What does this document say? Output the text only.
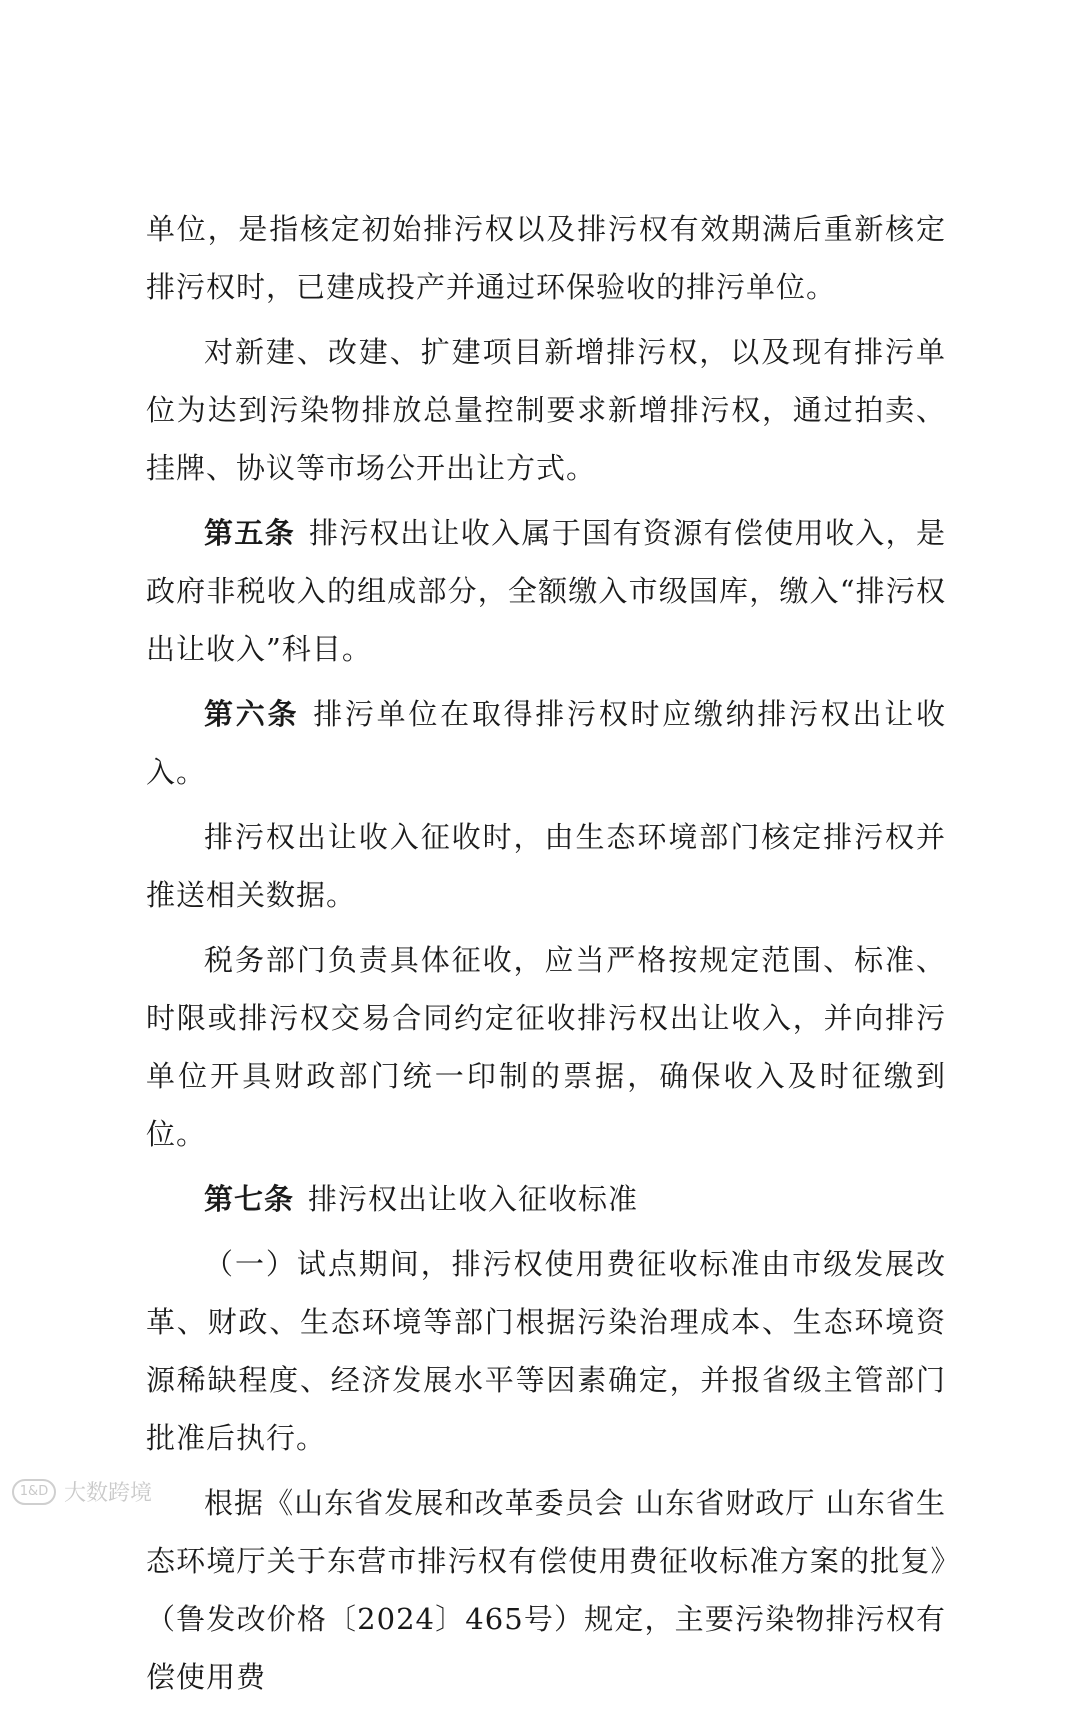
单位，是指核定初始排污权以及排污权有效期满后重新核定排污权时，已建成投产并通过环保验收的排污单位。

对新建、改建、扩建项目新增排污权，以及现有排污单位为达到污染物排放总量控制要求新增排污权，通过拍卖、挂牌、协议等市场公开出让方式。

第五条 排污权出让收入属于国有资源有偿使用收入，是政府非税收入的组成部分，全额缴入市级国库，缴入“排污权出让收入”科目。

第六条 排污单位在取得排污权时应缴纳排污权出让收入。

排污权出让收入征收时，由生态环境部门核定排污权并推送相关数据。

税务部门负责具体征收，应当严格按规定范围、标准、时限或排污权交易合同约定征收排污权出让收入，并向排污单位开具财政部门统一印制的票据，确保收入及时征缴到位。

第七条 排污权出让收入征收标准

（一）试点期间，排污权使用费征收标准由市级发展改革、财政、生态环境等部门根据污染治理成本、生态环境资源稀缺程度、经济发展水平等因素确定，并报省级主管部门批准后执行。

根据《山东省发展和改革委员会 山东省财政厅 山东省生态环境厅关于东营市排污权有偿使用费征收标准方案的批复》（鲁发改价格〔2024〕465号）规定，主要污染物排污权有偿使用费

1&D 大数跨境
